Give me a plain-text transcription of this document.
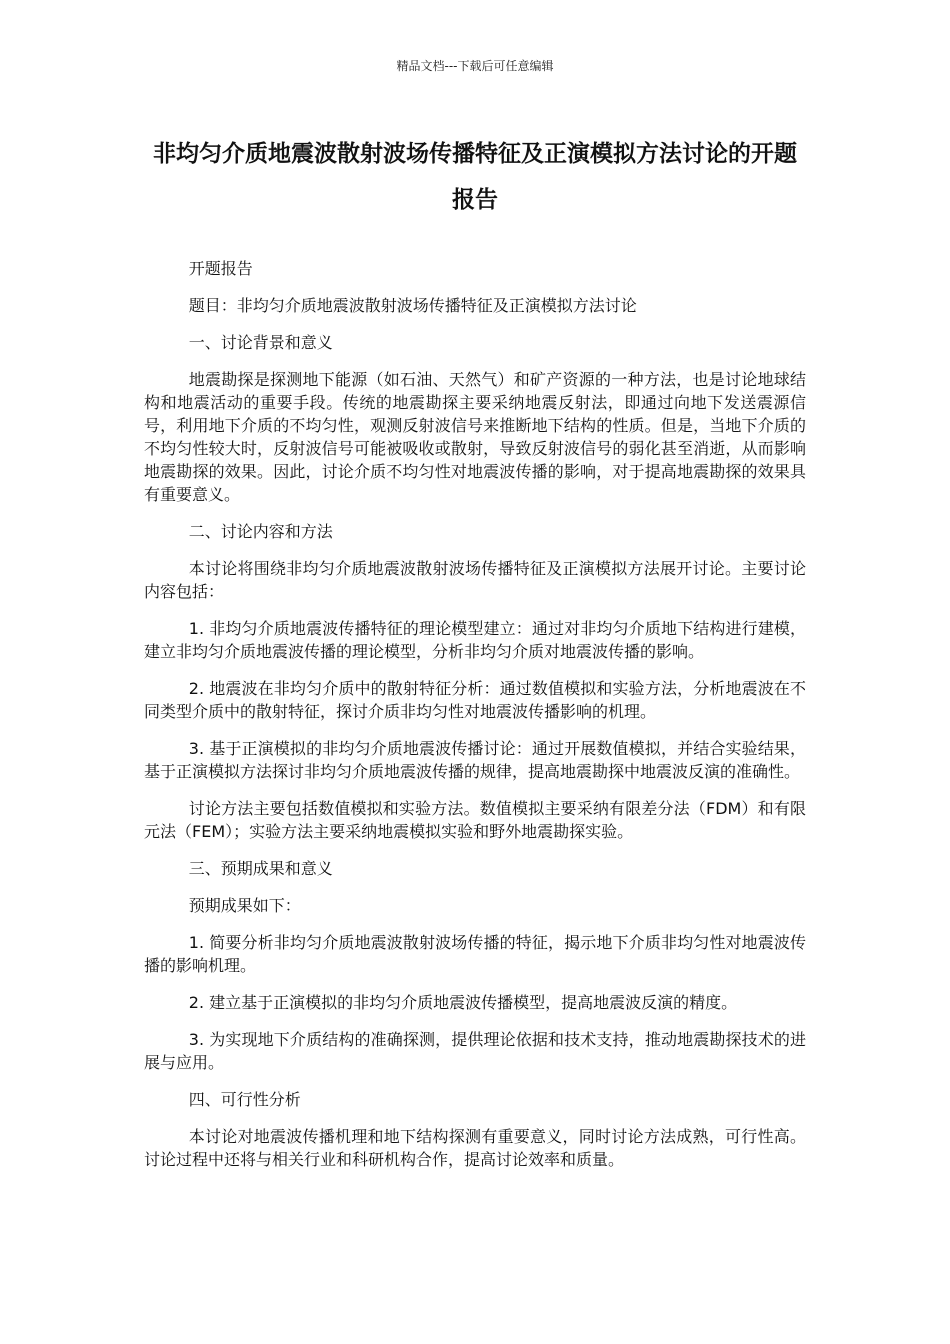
精品文档---下载后可任意编辑
非均匀介质地震波散射波场传播特征及正演模拟方法讨论的开题报告

开题报告

题目：非均匀介质地震波散射波场传播特征及正演模拟方法讨论

一、讨论背景和意义

地震勘探是探测地下能源（如石油、天然气）和矿产资源的一种方法，也是讨论地球结构和地震活动的重要手段。传统的地震勘探主要采纳地震反射法，即通过向地下发送震源信号，利用地下介质的不均匀性，观测反射波信号来推断地下结构的性质。但是，当地下介质的不均匀性较大时，反射波信号可能被吸收或散射，导致反射波信号的弱化甚至消逝，从而影响地震勘探的效果。因此，讨论介质不均匀性对地震波传播的影响，对于提高地震勘探的效果具有重要意义。

二、讨论内容和方法

本讨论将围绕非均匀介质地震波散射波场传播特征及正演模拟方法展开讨论。主要讨论内容包括：

1. 非均匀介质地震波传播特征的理论模型建立：通过对非均匀介质地下结构进行建模，建立非均匀介质地震波传播的理论模型，分析非均匀介质对地震波传播的影响。

2. 地震波在非均匀介质中的散射特征分析：通过数值模拟和实验方法，分析地震波在不同类型介质中的散射特征，探讨介质非均匀性对地震波传播影响的机理。

3. 基于正演模拟的非均匀介质地震波传播讨论：通过开展数值模拟，并结合实验结果，基于正演模拟方法探讨非均匀介质地震波传播的规律，提高地震勘探中地震波反演的准确性。

讨论方法主要包括数值模拟和实验方法。数值模拟主要采纳有限差分法（FDM）和有限元法（FEM）；实验方法主要采纳地震模拟实验和野外地震勘探实验。

三、预期成果和意义

预期成果如下：

1. 简要分析非均匀介质地震波散射波场传播的特征，揭示地下介质非均匀性对地震波传播的影响机理。

2. 建立基于正演模拟的非均匀介质地震波传播模型，提高地震波反演的精度。

3. 为实现地下介质结构的准确探测，提供理论依据和技术支持，推动地震勘探技术的进展与应用。

四、可行性分析

本讨论对地震波传播机理和地下结构探测有重要意义，同时讨论方法成熟，可行性高。讨论过程中还将与相关行业和科研机构合作，提高讨论效率和质量。
